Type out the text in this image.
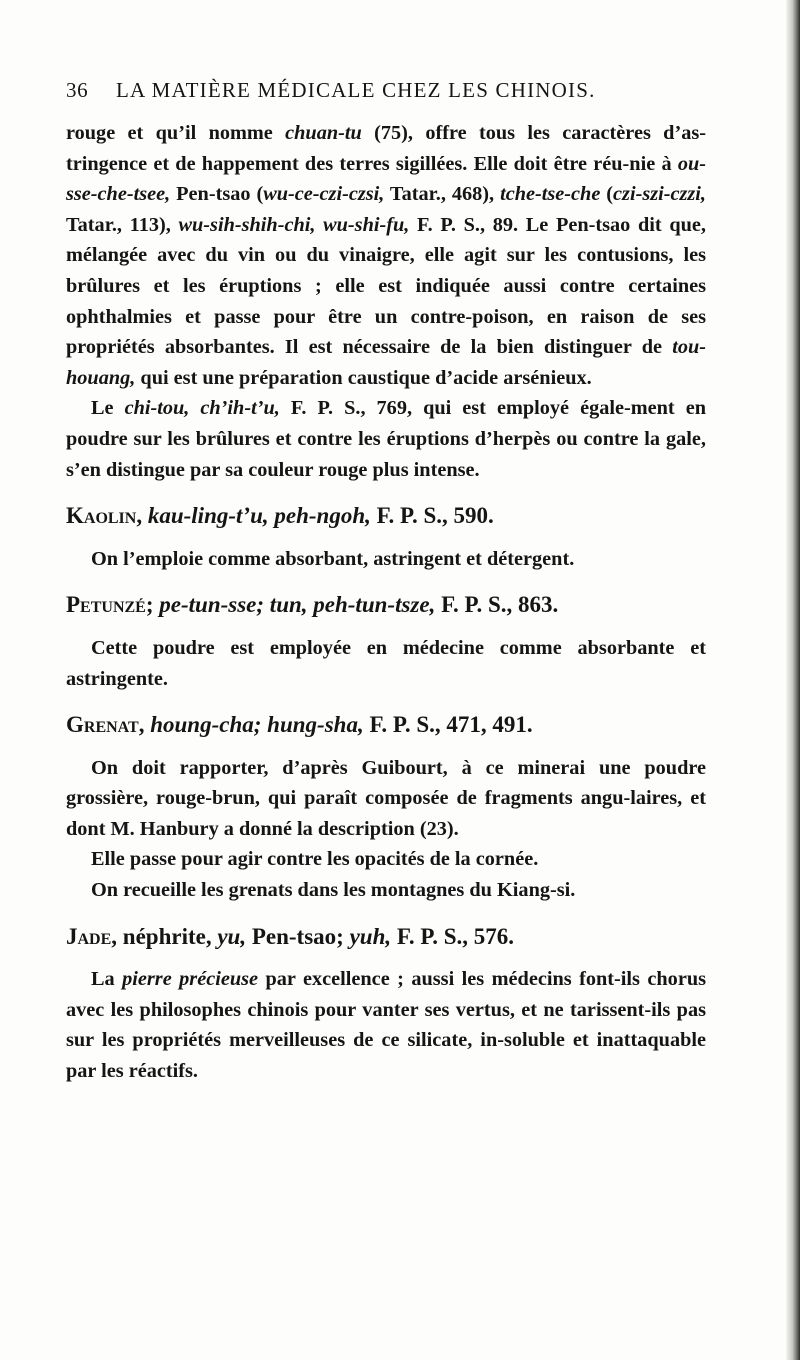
36	LA MATIÈRE MÉDICALE CHEZ LES CHINOIS.

rouge et qu’il nomme chuan-tu (75), offre tous les caractères d’as-tringence et de happement des terres sigillées. Elle doit être réu-nie à ou-sse-che-tsee, Pen-tsao (wu-ce-czi-czsi, Tatar., 468), tche-tse-che (czi-szi-czzi, Tatar., 113), wu-sih-shih-chi, wu-shi-fu, F. P. S., 89. Le Pen-tsao dit que, mélangée avec du vin ou du vinaigre, elle agit sur les contusions, les brûlures et les éruptions ; elle est indiquée aussi contre certaines ophthalmies et passe pour être un contre-poison, en raison de ses propriétés absorbantes. Il est nécessaire de la bien distinguer de tou-houang, qui est une préparation caustique d’acide arsénieux.

Le chi-tou, ch’ih-t’u, F. P. S., 769, qui est employé égale-ment en poudre sur les brûlures et contre les éruptions d’herpès ou contre la gale, s’en distingue par sa couleur rouge plus intense.

Kaolin, kau-ling-t’u, peh-ngoh, F. P. S., 590.

On l’emploie comme absorbant, astringent et détergent.

Petunzé; pe-tun-sse; tun, peh-tun-tsze, F. P. S., 863.

Cette poudre est employée en médecine comme absorbante et astringente.

Grenat, houng-cha; hung-sha, F. P. S., 471, 491.

On doit rapporter, d’après Guibourt, à ce minerai une poudre grossière, rouge-brun, qui paraît composée de fragments angu-laires, et dont M. Hanbury a donné la description (23).

Elle passe pour agir contre les opacités de la cornée.

On recueille les grenats dans les montagnes du Kiang-si.

Jade, néphrite, yu, Pen-tsao; yuh, F. P. S., 576.

La pierre précieuse par excellence ; aussi les médecins font-ils chorus avec les philosophes chinois pour vanter ses vertus, et ne tarissent-ils pas sur les propriétés merveilleuses de ce silicate, in-soluble et inattaquable par les réactifs.
